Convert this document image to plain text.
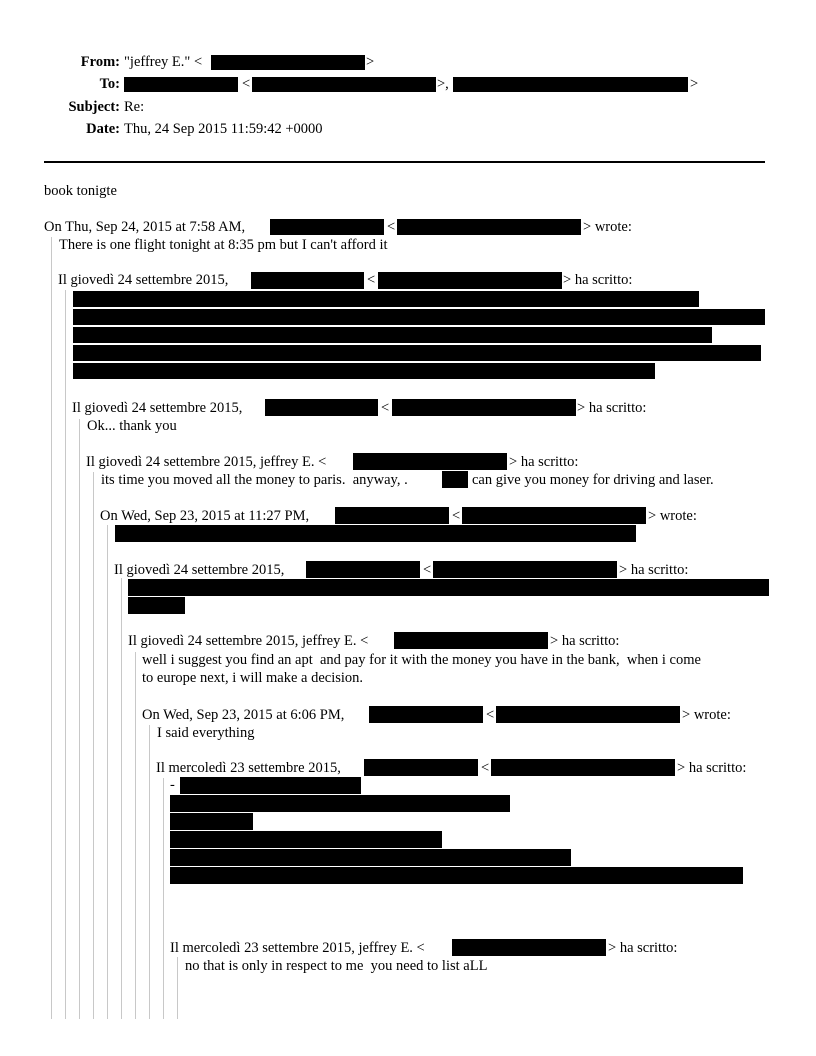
From: "jeffrey E." <	>
To:	<	>,	>
Subject: Re:
Date: Thu, 24 Sep 2015 11:59:42 +0000
book tonigte
On Thu, Sep 24, 2015 at 7:58 AM,	<	> wrote:
There is one flight tonight at 8:35 pm but I can't afford it
Il giovedì 24 settembre 2015,	<	> ha scritto:
Il giovedì 24 settembre 2015,	<	> ha scritto:
Ok... thank you
Il giovedì 24 settembre 2015, jeffrey E. <	> ha scritto:
its time you moved all the money to paris.  anyway, .	can give you money for driving and laser.
On Wed, Sep 23, 2015 at 11:27 PM,	<	> wrote:
Il giovedì 24 settembre 2015,	<	> ha scritto:
Il giovedì 24 settembre 2015, jeffrey E. <	> ha scritto:
well i suggest you find an apt  and pay for it with the money you have in the bank,  when i come
to europe next, i will make a decision.
On Wed, Sep 23, 2015 at 6:06 PM,	<	> wrote:
I said everything
Il mercoledì 23 settembre 2015,	<	> ha scritto:
-
Il mercoledì 23 settembre 2015, jeffrey E. <	> ha scritto:
no that is only in respect to me  you need to list aLL
